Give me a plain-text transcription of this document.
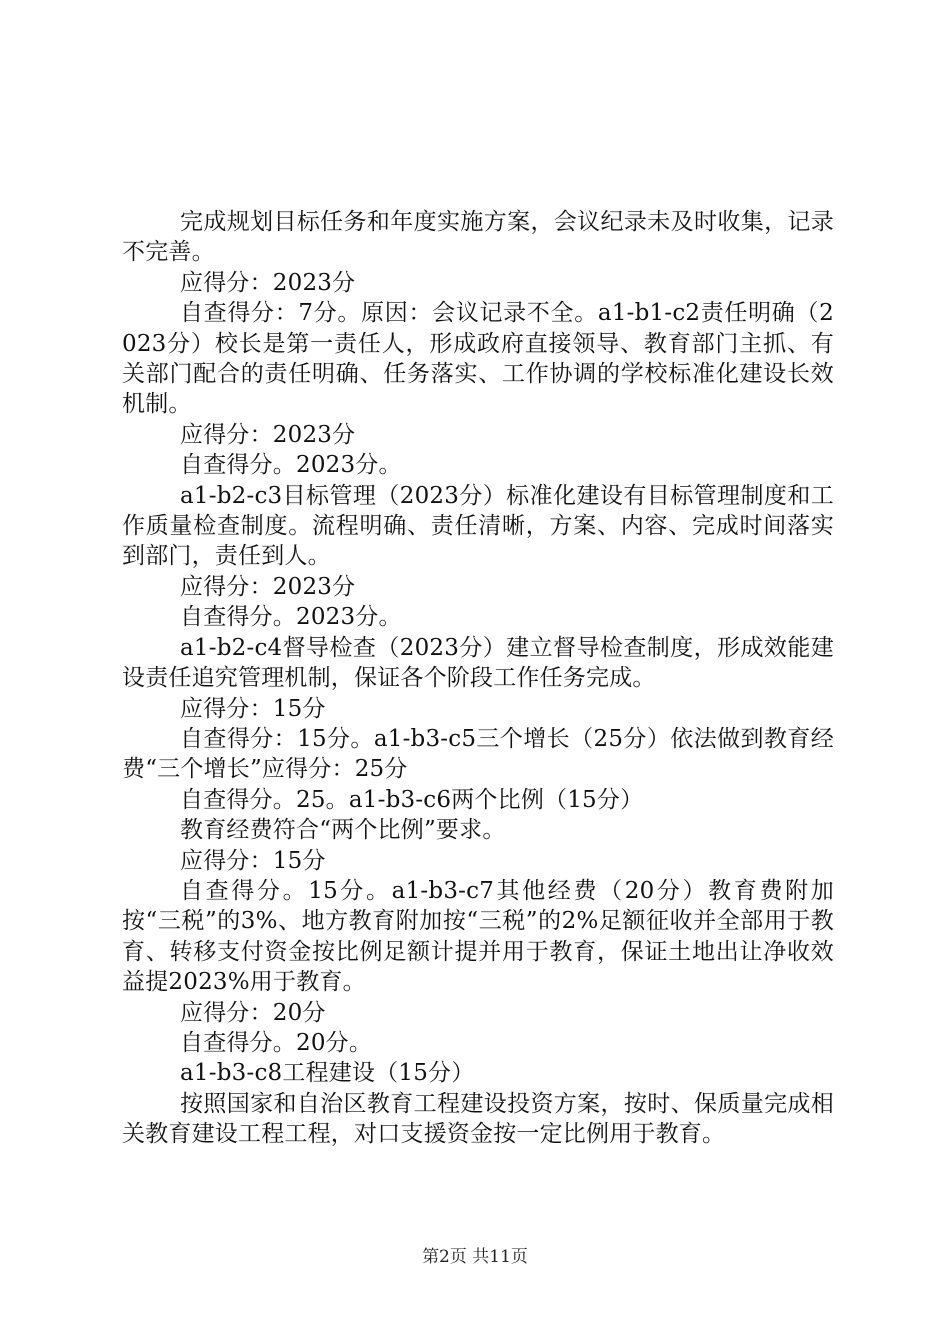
完成规划目标任务和年度实施方案，会议纪录未及时收集，记录不完善。

应得分：2023分

自查得分：7分。原因：会议记录不全。a1-b1-c2责任明确（2023分）校长是第一责任人，形成政府直接领导、教育部门主抓、有关部门配合的责任明确、任务落实、工作协调的学校标准化建设长效机制。

应得分：2023分

自查得分。2023分。

a1-b2-c3目标管理（2023分）标准化建设有目标管理制度和工作质量检查制度。流程明确、责任清晰，方案、内容、完成时间落实到部门，责任到人。

应得分：2023分

自查得分。2023分。

a1-b2-c4督导检查（2023分）建立督导检查制度，形成效能建设责任追究管理机制，保证各个阶段工作任务完成。

应得分：15分

自查得分：15分。a1-b3-c5三个增长（25分）依法做到教育经费“三个增长”应得分：25分

自查得分。25。a1-b3-c6两个比例（15分）

教育经费符合“两个比例”要求。

应得分：15分

自查得分。15分。a1-b3-c7其他经费（20分）教育费附加按“三税”的3%、地方教育附加按“三税”的2%足额征收并全部用于教育、转移支付资金按比例足额计提并用于教育，保证土地出让净收效益提2023%用于教育。

应得分：20分

自查得分。20分。

a1-b3-c8工程建设（15分）

按照国家和自治区教育工程建设投资方案，按时、保质量完成相关教育建设工程工程，对口支援资金按一定比例用于教育。

第2页 共11页
